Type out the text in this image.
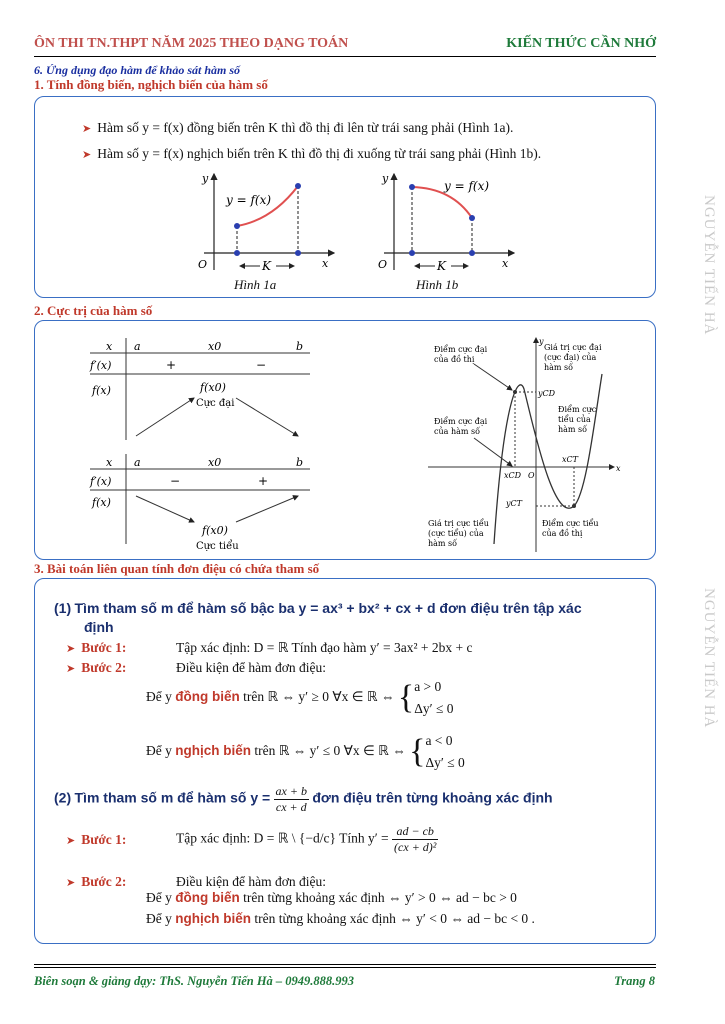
ÔN THI TN.THPT NĂM 2025 THEO DẠNG TOÁN	KIẾN THỨC CẦN NHỚ
6. Ứng dụng đạo hàm để khảo sát hàm số
1. Tính đồng biến, nghịch biến của hàm số
NGUYỄN TIẾN HÀ
NGUYỄN TIẾN HÀ
➤ Hàm số y = f(x) đồng biến trên K thì đồ thị đi lên từ trái sang phải (Hình 1a).
➤ Hàm số y = f(x) nghịch biến trên K thì đồ thị đi xuống từ trái sang phải (Hình 1b).
K
y = f(x)
y
x
O
Hình 1a
K
y = f(x)
y
x
O
Hình 1b
2. Cực trị của hàm số
x a	x0	b
f′(x)	+	−
f(x)	f(x0)
Cực đại
x a	x0	b
f′(x)	−	+
f(x)
f(x0)
Cực tiểu
Điểm cực đại
của đồ thị
Giá trị cực đại
(cực đại) của
hàm số
Điểm cực đại
của hàm số
Điểm cực
tiểu của
hàm số
Giá trị cực tiểu
(cực tiểu) của
hàm số
Điểm cực tiểu
của đồ thị
yCD
yCT
xCD
xCT
O
x
y
3. Bài toán liên quan tính đơn điệu có chứa tham số
(1) Tìm tham số m để hàm số bậc ba y = ax³ + bx² + cx + d đơn điệu trên tập xác
định
➤ Bước 1:	Tập xác định: D = ℝ Tính đạo hàm y′ = 3ax² + 2bx + c
➤ Bước 2:	Điều kiện để hàm đơn điệu:
Để y đồng biến trên ℝ ⇔ y′ ≥ 0 ∀x ∈ ℝ ⇔ {a > 0
Δy′ ≤ 0
Để y nghịch biến trên ℝ ⇔ y′ ≤ 0 ∀x ∈ ℝ ⇔ {a < 0
Δy′ ≤ 0
(2) Tìm tham số m để hàm số $y = \frac{ax + b}{cx + d}$ đơn điệu trên từng khoảng xác định
➤ Bước 1:	Tập xác định: D = ℝ \ {−d/c} Tính $y' = \frac{ad - cb}{\text{(cx + d)²}}$
➤ Bước 2:	Điều kiện để hàm đơn điệu:
Để y đồng biến trên từng khoảng xác định ⇔ y′ > 0 ⇔ ad − bc > 0
Để y nghịch biến trên từng khoảng xác định ⇔ y′ < 0 ⇔ ad − bc < 0 .
Biên soạn & giảng dạy: ThS. Nguyễn Tiến Hà – 0949.888.993	Trang 8
